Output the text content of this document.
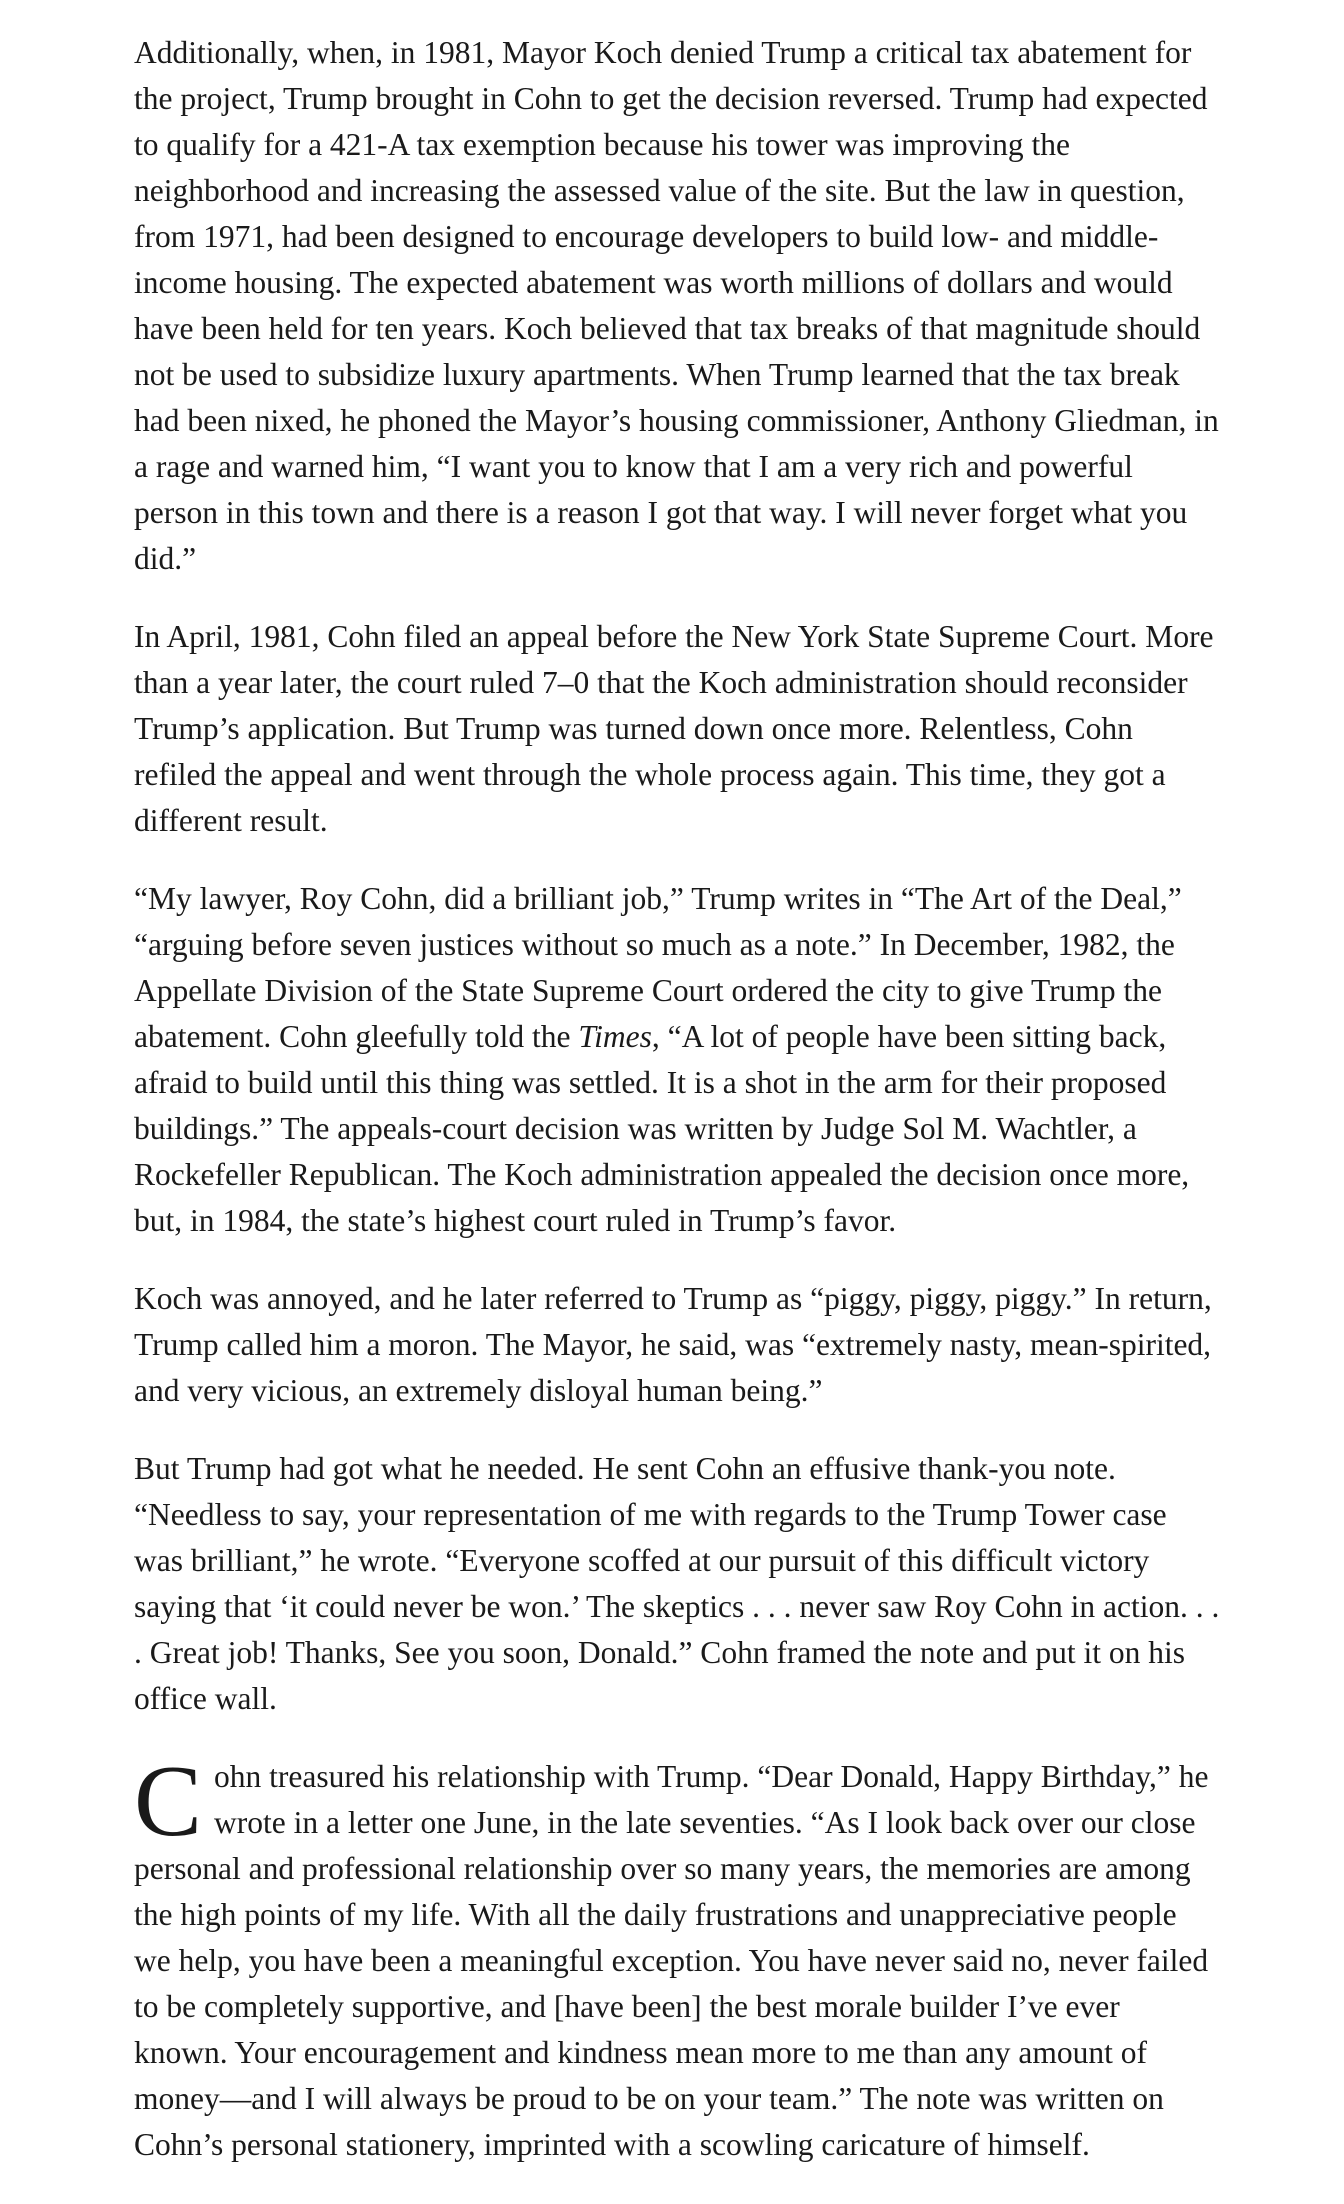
Additionally, when, in 1981, Mayor Koch denied Trump a critical tax abatement for the project, Trump brought in Cohn to get the decision reversed. Trump had expected to qualify for a 421-A tax exemption because his tower was improving the neighborhood and increasing the assessed value of the site. But the law in question, from 1971, had been designed to encourage developers to build low- and middle-income housing. The expected abatement was worth millions of dollars and would have been held for ten years. Koch believed that tax breaks of that magnitude should not be used to subsidize luxury apartments. When Trump learned that the tax break had been nixed, he phoned the Mayor’s housing commissioner, Anthony Gliedman, in a rage and warned him, “I want you to know that I am a very rich and powerful person in this town and there is a reason I got that way. I will never forget what you did.”

In April, 1981, Cohn filed an appeal before the New York State Supreme Court. More than a year later, the court ruled 7–0 that the Koch administration should reconsider Trump’s application. But Trump was turned down once more. Relentless, Cohn refiled the appeal and went through the whole process again. This time, they got a different result.

“My lawyer, Roy Cohn, did a brilliant job,” Trump writes in “The Art of the Deal,” “arguing before seven justices without so much as a note.” In December, 1982, the Appellate Division of the State Supreme Court ordered the city to give Trump the abatement. Cohn gleefully told the Times, “A lot of people have been sitting back, afraid to build until this thing was settled. It is a shot in the arm for their proposed buildings.” The appeals-court decision was written by Judge Sol M. Wachtler, a Rockefeller Republican. The Koch administration appealed the decision once more, but, in 1984, the state’s highest court ruled in Trump’s favor.

Koch was annoyed, and he later referred to Trump as “piggy, piggy, piggy.” In return, Trump called him a moron. The Mayor, he said, was “extremely nasty, mean-spirited, and very vicious, an extremely disloyal human being.”

But Trump had got what he needed. He sent Cohn an effusive thank-you note. “Needless to say, your representation of me with regards to the Trump Tower case was brilliant,” he wrote. “Everyone scoffed at our pursuit of this difficult victory saying that ‘it could never be won.’ The skeptics . . . never saw Roy Cohn in action. . . . Great job! Thanks, See you soon, Donald.” Cohn framed the note and put it on his office wall.

Cohn treasured his relationship with Trump. “Dear Donald, Happy Birthday,” he wrote in a letter one June, in the late seventies. “As I look back over our close personal and professional relationship over so many years, the memories are among the high points of my life. With all the daily frustrations and unappreciative people we help, you have been a meaningful exception. You have never said no, never failed to be completely supportive, and [have been] the best morale builder I’ve ever known. Your encouragement and kindness mean more to me than any amount of money—and I will always be proud to be on your team.” The note was written on Cohn’s personal stationery, imprinted with a scowling caricature of himself.
